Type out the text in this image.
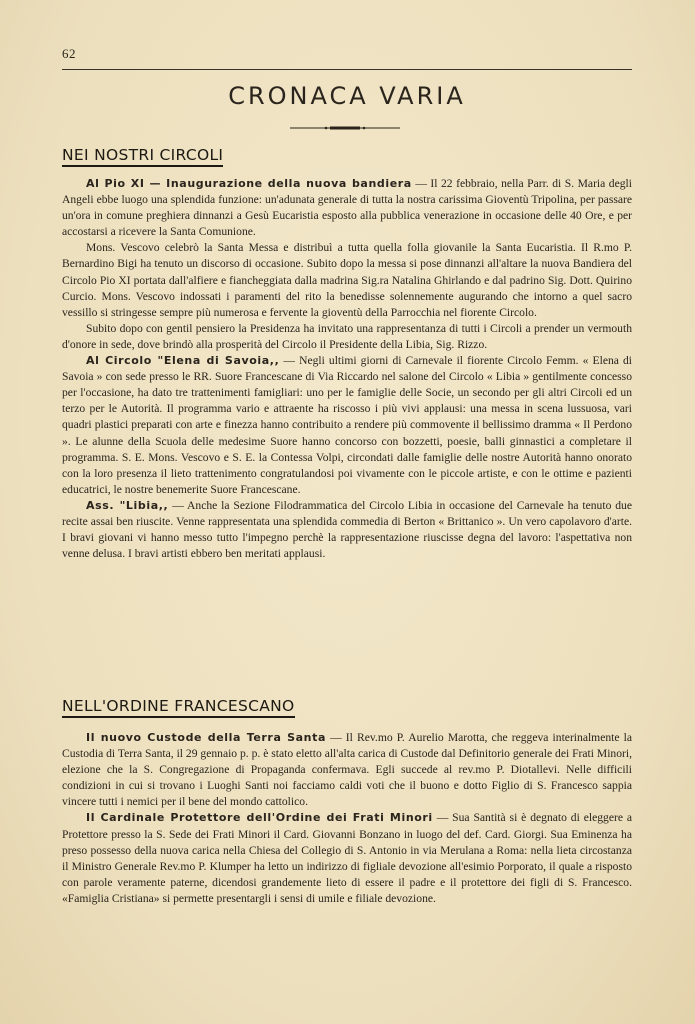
62
CRONACA VARIA
NEI NOSTRI CIRCOLI

Al Pio XI — Inaugurazione della nuova bandiera — Il 22 febbraio, nella Parr. di S. Maria degli Angeli ebbe luogo una splendida funzione: un'adunata generale di tutta la nostra carissima Gioventù Tripolina, per passare un'ora in comune preghiera dinnanzi a Gesù Eucaristia esposto alla pubblica venerazione in occasione delle 40 Ore, e per accostarsi a ricevere la Santa Comunione.

Mons. Vescovo celebrò la Santa Messa e distribuì a tutta quella folla giovanile la Santa Eucaristia. Il R.mo P. Bernardino Bigi ha tenuto un discorso di occasione. Subito dopo la messa si pose dinnanzi all'altare la nuova Bandiera del Circolo Pio XI portata dall'alfiere e fiancheggiata dalla madrina Sig.ra Natalina Ghirlando e dal padrino Sig. Dott. Quirino Curcio. Mons. Vescovo indossati i paramenti del rito la benedisse solennemente augurando che intorno a quel sacro vessillo si stringesse sempre più numerosa e fervente la gioventù della Parrocchia nel fiorente Circolo.

Subito dopo con gentil pensiero la Presidenza ha invitato una rappresentanza di tutti i Circoli a prender un vermouth d'onore in sede, dove brindò alla prosperità del Circolo il Presidente della Libia, Sig. Rizzo.

Al Circolo "Elena di Savoia,, — Negli ultimi giorni di Carnevale il fiorente Circolo Femm. « Elena di Savoia » con sede presso le RR. Suore Francescane di Via Riccardo nel salone del Circolo « Libia » gentilmente concesso per l'occasione, ha dato tre trattenimenti famigliari: uno per le famiglie delle Socie, un secondo per gli altri Circoli ed un terzo per le Autorità. Il programma vario e attraente ha riscosso i più vivi applausi: una messa in scena lussuosa, vari quadri plastici preparati con arte e finezza hanno contribuito a rendere più commovente il bellissimo dramma « Il Perdono ». Le alunne della Scuola delle medesime Suore hanno concorso con bozzetti, poesie, balli ginnastici a completare il programma. S. E. Mons. Vescovo e S. E. la Contessa Volpi, circondati dalle famiglie delle nostre Autorità hanno onorato con la loro presenza il lieto trattenimento congratulandosi poi vivamente con le piccole artiste, e con le ottime e pazienti educatrici, le nostre benemerite Suore Francescane.

Ass. "Libia,, — Anche la Sezione Filodrammatica del Circolo Libia in occasione del Carnevale ha tenuto due recite assai ben riuscite. Venne rappresentata una splendida commedia di Berton « Brittanico ». Un vero capolavoro d'arte. I bravi giovani vi hanno messo tutto l'impegno perchè la rappresentazione riuscisse degna del lavoro: l'aspettativa non venne delusa. I bravi artisti ebbero ben meritati applausi.

NELL'ORDINE FRANCESCANO

Il nuovo Custode della Terra Santa — Il Rev.mo P. Aurelio Marotta, che reggeva interinalmente la Custodia di Terra Santa, il 29 gennaio p. p. è stato eletto all'alta carica di Custode dal Definitorio generale dei Frati Minori, elezione che la S. Congregazione di Propaganda confermava. Egli succede al rev.mo P. Diotallevi. Nelle difficili condizioni in cui si trovano i Luoghi Santi noi facciamo caldi voti che il buono e dotto Figlio di S. Francesco sappia vincere tutti i nemici per il bene del mondo cattolico.

Il Cardinale Protettore dell'Ordine dei Frati Minori — Sua Santità si è degnato di eleggere a Protettore presso la S. Sede dei Frati Minori il Card. Giovanni Bonzano in luogo del def. Card. Giorgi. Sua Eminenza ha preso possesso della nuova carica nella Chiesa del Collegio di S. Antonio in via Merulana a Roma: nella lieta circostanza il Ministro Generale Rev.mo P. Klumper ha letto un indirizzo di figliale devozione all'esimio Porporato, il quale a risposto con parole veramente paterne, dicendosi grandemente lieto di essere il padre e il protettore dei figli di S. Francesco. «Famiglia Cristiana» si permette presentargli i sensi di umile e filiale devozione.
